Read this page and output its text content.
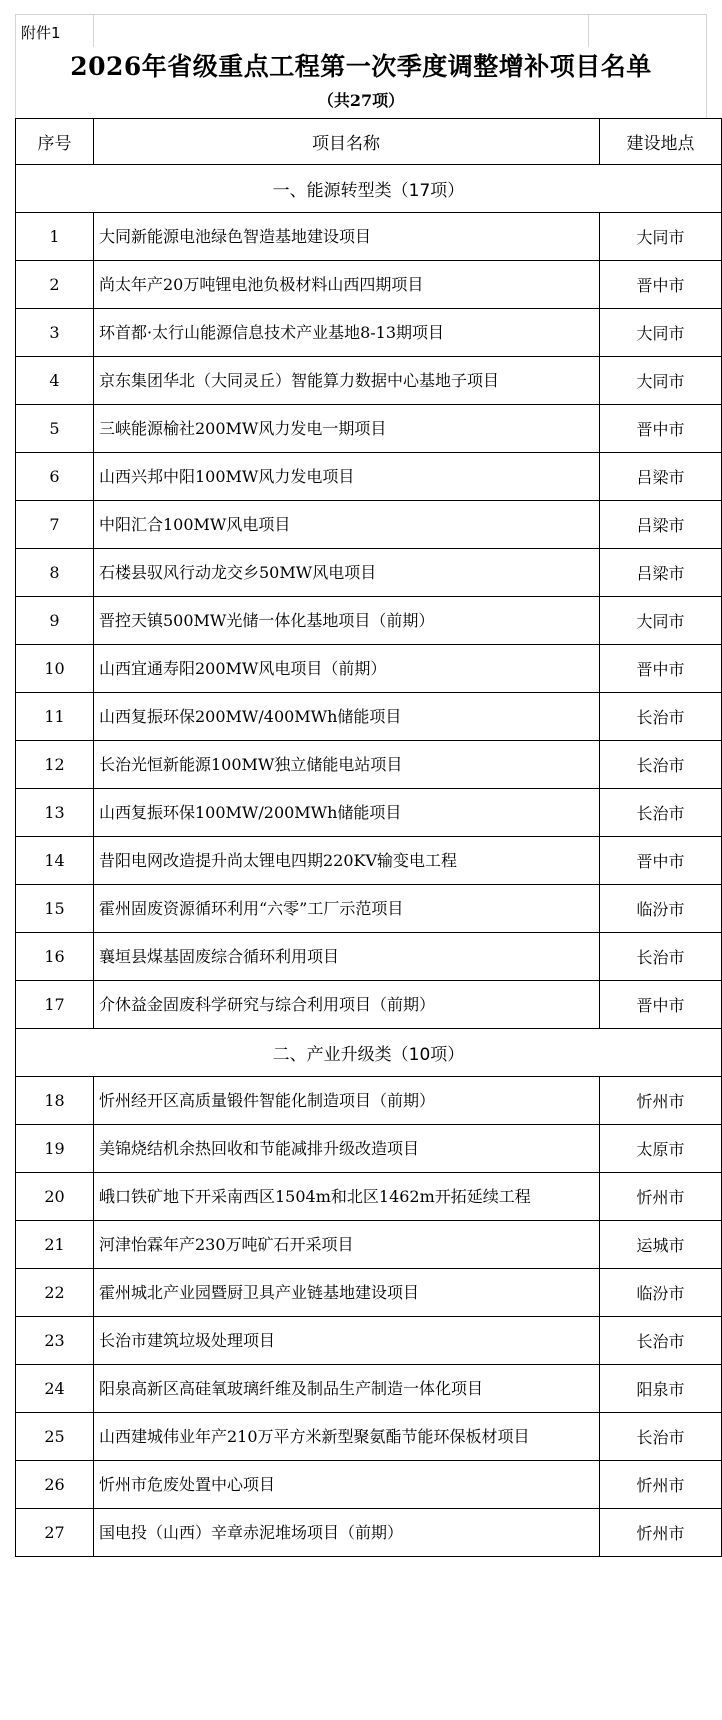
附件1
2026年省级重点工程第一次季度调整增补项目名单
（共27项）
序号	项目名称	建设地点
一、能源转型类（17项）		
1	大同新能源电池绿色智造基地建设项目	大同市
2	尚太年产20万吨锂电池负极材料山西四期项目	晋中市
3	环首都·太行山能源信息技术产业基地8-13期项目	大同市
4	京东集团华北（大同灵丘）智能算力数据中心基地子项目	大同市
5	三峡能源榆社200MW风力发电一期项目	晋中市
6	山西兴邦中阳100MW风力发电项目	吕梁市
7	中阳汇合100MW风电项目	吕梁市
8	石楼县驭风行动龙交乡50MW风电项目	吕梁市
9	晋控天镇500MW光储一体化基地项目（前期）	大同市
10	山西宜通寿阳200MW风电项目（前期）	晋中市
11	山西复振环保200MW/400MWh储能项目	长治市
12	长治光恒新能源100MW独立储能电站项目	长治市
13	山西复振环保100MW/200MWh储能项目	长治市
14	昔阳电网改造提升尚太锂电四期220KV输变电工程	晋中市
15	霍州固废资源循环利用“六零”工厂示范项目	临汾市
16	襄垣县煤基固废综合循环利用项目	长治市
17	介休益金固废科学研究与综合利用项目（前期）	晋中市
二、产业升级类（10项）		
18	忻州经开区高质量锻件智能化制造项目（前期）	忻州市
19	美锦烧结机余热回收和节能减排升级改造项目	太原市
20	峨口铁矿地下开采南西区1504m和北区1462m开拓延续工程	忻州市
21	河津怡霖年产230万吨矿石开采项目	运城市
22	霍州城北产业园暨厨卫具产业链基地建设项目	临汾市
23	长治市建筑垃圾处理项目	长治市
24	阳泉高新区高硅氧玻璃纤维及制品生产制造一体化项目	阳泉市
25	山西建城伟业年产210万平方米新型聚氨酯节能环保板材项目	长治市
26	忻州市危废处置中心项目	忻州市
27	国电投（山西）辛章赤泥堆场项目（前期）	忻州市
